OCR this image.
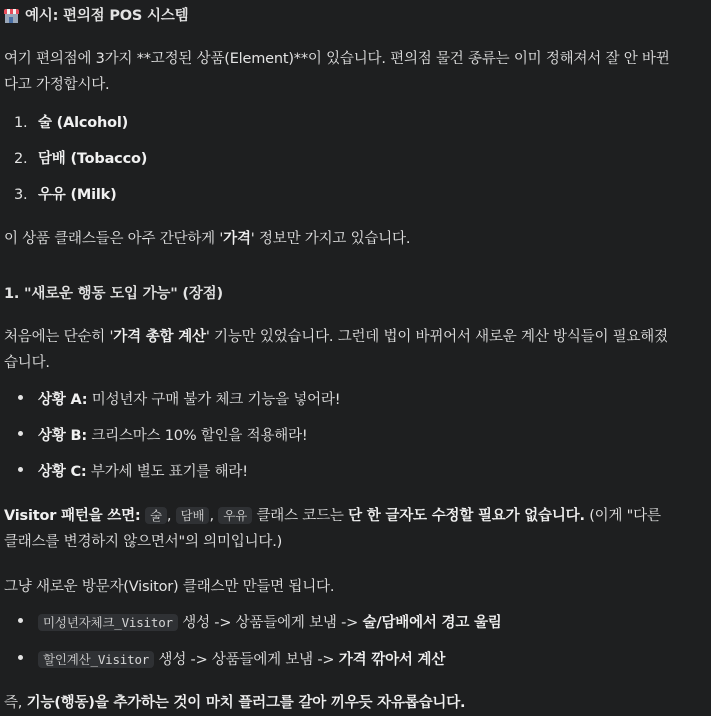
예시: 편의점 POS 시스템
여기 편의점에 3가지 **고정된 상품(Element)**이 있습니다. 편의점 물건 종류는 이미 정해져서 잘 안 바뀐
다고 가정합시다.
1. 술 (Alcohol)
2. 담배 (Tobacco)
3. 우유 (Milk)
이 상품 클래스들은 아주 간단하게 '가격' 정보만 가지고 있습니다.
1. "새로운 행동 도입 가능" (장점)
처음에는 단순히 '가격 총합 계산' 기능만 있었습니다. 그런데 법이 바뀌어서 새로운 계산 방식들이 필요해졌
습니다.
상황 A: 미성년자 구매 불가 체크 기능을 넣어라!
상황 B: 크리스마스 10% 할인을 적용해라!
상황 C: 부가세 별도 표기를 해라!
Visitor 패턴을 쓰면: 술 , 담배 , 우유 클래스 코드는 단 한 글자도 수정할 필요가 없습니다. (이게 "다른
클래스를 변경하지 않으면서"의 의미입니다.)
그냥 새로운 방문자(Visitor) 클래스만 만들면 됩니다.
미성년자체크_Visitor 생성 -> 상품들에게 보냄 -> 술/담배에서 경고 울림
할인계산_Visitor 생성 -> 상품들에게 보냄 -> 가격 깎아서 계산
즉, 기능(행동)을 추가하는 것이 마치 플러그를 갈아 끼우듯 자유롭습니다.
